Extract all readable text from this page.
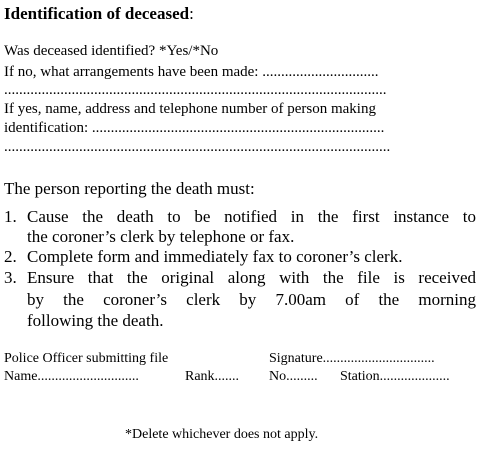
Identification of deceased:
Was deceased identified? *Yes/*No
If no, what arrangements have been made: ...............................
......................................................................................................
If yes, name, address and telephone number of person making
identification: ..............................................................................
.......................................................................................................
The person reporting the death must:
1. Cause the death to be notified in the first instance to
the coroner’s clerk by telephone or fax.
2. Complete form and immediately fax to coroner’s clerk.
3. Ensure that the original along with the file is received
by the coroner’s clerk by 7.00am of the morning
following the death.
Police Officer submitting file	Signature................................
Name.............................	Rank....... No......... Station....................
*Delete whichever does not apply.
